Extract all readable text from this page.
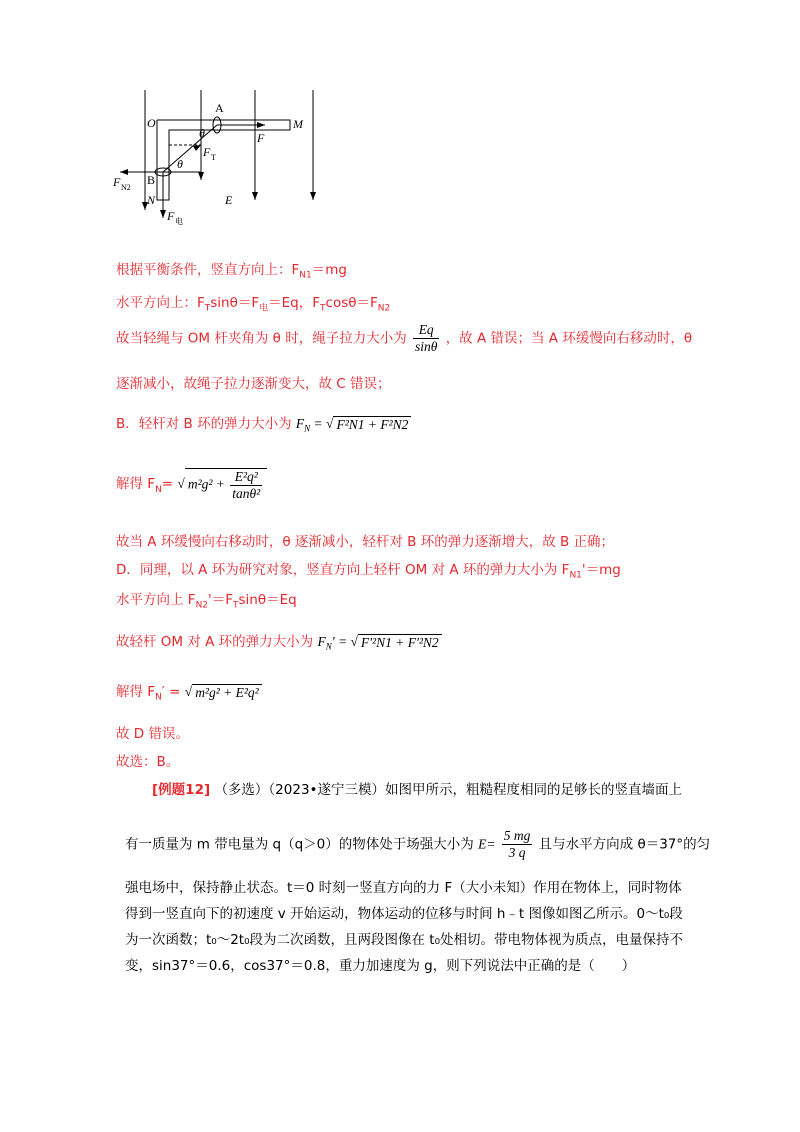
O
A
M
F
θ
F T
θ
F N2
B
N	E
F 电
根据平衡条件，竖直方向上：$F_{N1}=mg$
水平方向上：$F_T\sin\theta=F_电=Eq$，$F_T\cos\theta=F_{N2}$
故当轻绳与 OM 杆夹角为 θ 时，绳子拉力大小为 $\frac{Eq}{\sin\theta}$ ，故 A 错误；当 A 环缓慢向右移动时，θ
逐渐减小，故绳子拉力逐渐变大，故 C 错误；
B．轻杆对 B 环的弹力大小为 $F_N$ = √ F²N1 + F²N2
解得 $F_N=$ √ $m^2g^2 + \frac{\text{E²q²}}{\text{tanθ²}}$
故当 A 环缓慢向右移动时，θ 逐渐减小，轻杆对 B 环的弹力逐渐增大，故 B 正确；
D．同理，以 A 环为研究对象，竖直方向上轻杆 OM 对 A 环的弹力大小为 $F_{N1}'=mg$
水平方向上 $F_{N2}'=F_T\sin\theta=Eq$
故轻杆 OM 对 A 环的弹力大小为 $F_N'$ = √ F'²N1 + F'²N2
解得 $F_N'$ = √ m²g² + E²q²
故 D 错误。
故选：B。
[例题12] （多选）（2023•遂宁三模）如图甲所示，粗糙程度相同的足够长的竖直墙面上
有一质量为 m 带电量为 q（q＞0）的物体处于场强大小为 $E= \frac{5 mg}{3 q}$ 且与水平方向成 θ＝37°的匀
强电场中，保持静止状态。t＝0 时刻一竖直方向的力 F（大小未知）作用在物体上，同时物体
得到一竖直向下的初速度 v 开始运动，物体运动的位移与时间 h﹣t 图像如图乙所示。0～t₀段
为一次函数；t₀～2t₀段为二次函数，且两段图像在 t₀处相切。带电物体视为质点，电量保持不
变，sin37°＝0.6，cos37°＝0.8，重力加速度为 g，则下列说法中正确的是（　　）
